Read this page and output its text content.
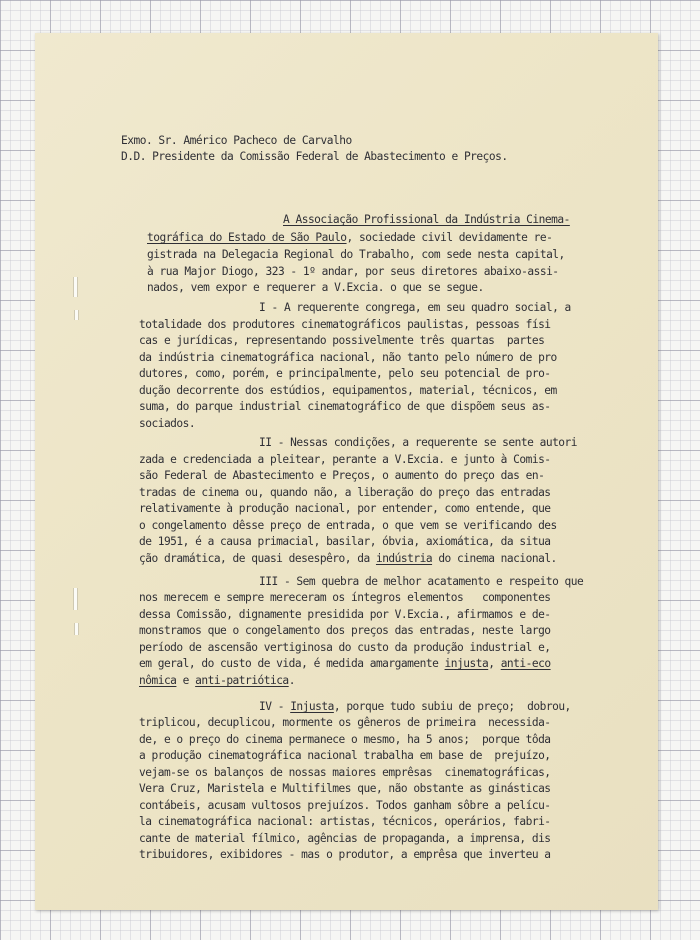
Exmo. Sr. Américo Pacheco de Carvalho
D.D. Presidente da Comissão Federal de Abastecimento e Preços.
A Associação Profissional da Indústria Cinema-
tográfica do Estado de São Paulo, sociedade civil devidamente re-
gistrada na Delegacia Regional do Trabalho, com sede nesta capital,
à rua Major Diogo, 323 - 1º andar, por seus diretores abaixo-assi-
nados, vem expor e requerer a V.Excia. o que se segue.
I - A requerente congrega, em seu quadro social, a
totalidade dos produtores cinematográficos paulistas, pessoas físi
cas e jurídicas, representando possivelmente três quartas  partes
da indústria cinematográfica nacional, não tanto pelo número de pro
dutores, como, porém, e principalmente, pelo seu potencial de pro-
dução decorrente dos estúdios, equipamentos, material, técnicos, em
suma, do parque industrial cinematográfico de que dispõem seus as-
sociados.
II - Nessas condições, a requerente se sente autori
zada e credenciada a pleitear, perante a V.Excia. e junto à Comis-
são Federal de Abastecimento e Preços, o aumento do preço das en-
tradas de cinema ou, quando não, a liberação do preço das entradas
relativamente à produção nacional, por entender, como entende, que
o congelamento dêsse preço de entrada, o que vem se verificando des
de 1951, é a causa primacial, basilar, óbvia, axiomática, da situa
ção dramática, de quasi desespêro, da indústria do cinema nacional.
III - Sem quebra de melhor acatamento e respeito que
nos merecem e sempre mereceram os íntegros elementos   componentes
dessa Comissão, dignamente presidida por V.Excia., afirmamos e de-
monstramos que o congelamento dos preços das entradas, neste largo
período de ascensão vertiginosa do custo da produção industrial e,
em geral, do custo de vida, é medida amargamente injusta, anti-eco
nômica e anti-patriótica.
IV - Injusta, porque tudo subiu de preço;  dobrou,
triplicou, decuplicou, mormente os gêneros de primeira  necessida-
de, e o preço do cinema permanece o mesmo, ha 5 anos;  porque tôda
a produção cinematográfica nacional trabalha em base de  prejuízo,
vejam-se os balanços de nossas maiores emprêsas  cinematográficas,
Vera Cruz, Maristela e Multifilmes que, não obstante as ginásticas
contábeis, acusam vultosos prejuízos. Todos ganham sôbre a pelícu-
la cinematográfica nacional: artistas, técnicos, operários, fabri-
cante de material fílmico, agências de propaganda, a imprensa, dis
tribuidores, exibidores - mas o produtor, a emprêsa que inverteu a
